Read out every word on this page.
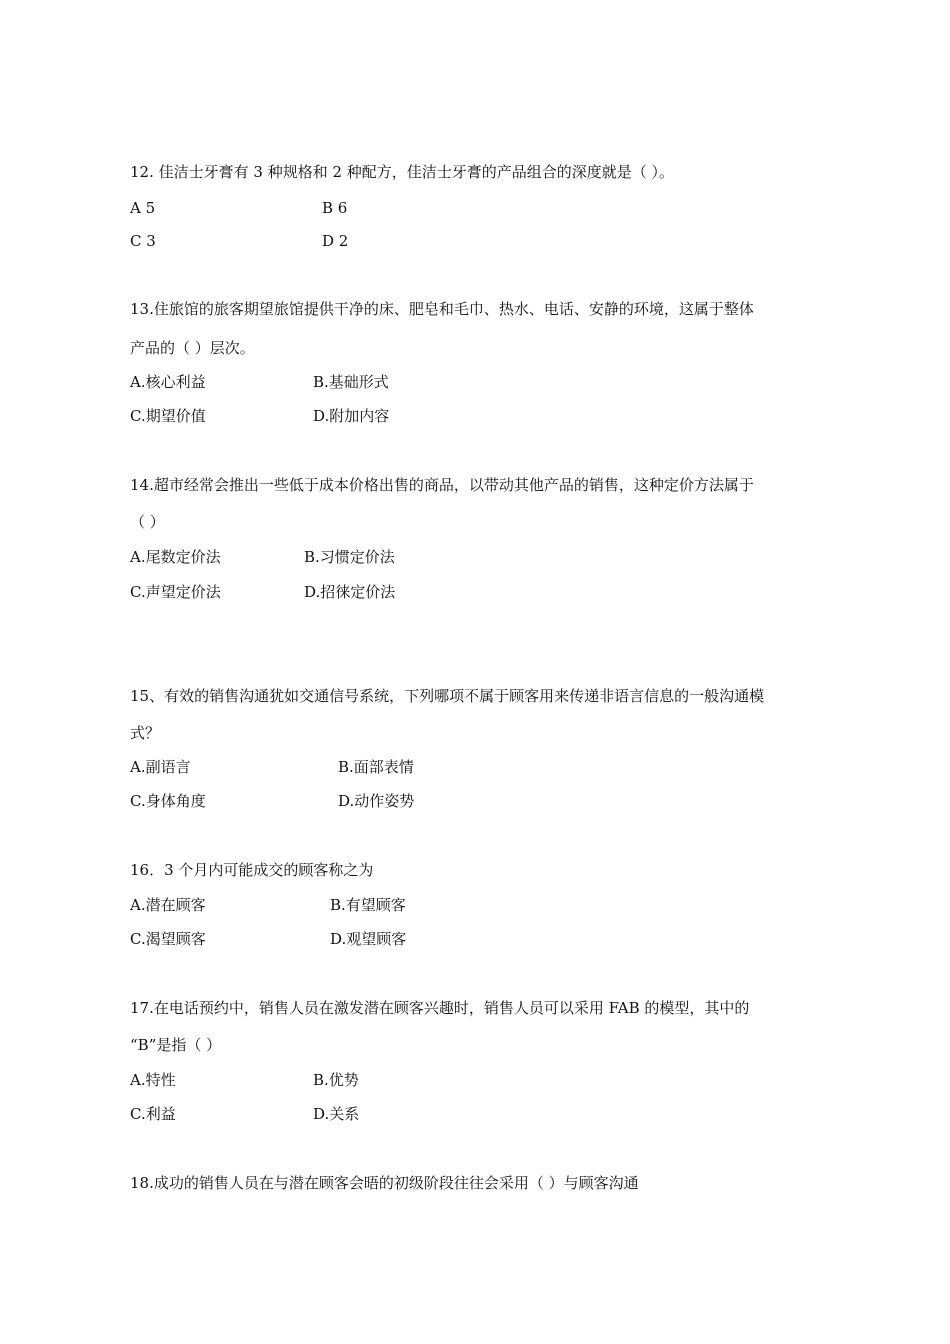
12. 佳洁士牙膏有 3 种规格和 2 种配方，佳洁士牙膏的产品组合的深度就是（ ）。
A 5	B 6
C 3	D 2
13.住旅馆的旅客期望旅馆提供干净的床、肥皂和毛巾、热水、电话、安静的环境，这属于整体
产品的（ ）层次。
A.核心利益	B.基础形式
C.期望价值	D.附加内容
14.超市经常会推出一些低于成本价格出售的商品，以带动其他产品的销售，这种定价方法属于
（ ）
A.尾数定价法	B.习惯定价法
C.声望定价法	D.招徕定价法
15、有效的销售沟通犹如交通信号系统，下列哪项不属于顾客用来传递非语言信息的一般沟通模
式？
A.副语言	B.面部表情
C.身体角度	D.动作姿势
16．3 个月内可能成交的顾客称之为
A.潜在顾客	B.有望顾客
C.渴望顾客	D.观望顾客
17.在电话预约中，销售人员在激发潜在顾客兴趣时，销售人员可以采用 FAB 的模型，其中的
“B”是指（ ）
A.特性	B.优势
C.利益	D.关系
18.成功的销售人员在与潜在顾客会晤的初级阶段往往会采用（ ）与顾客沟通
